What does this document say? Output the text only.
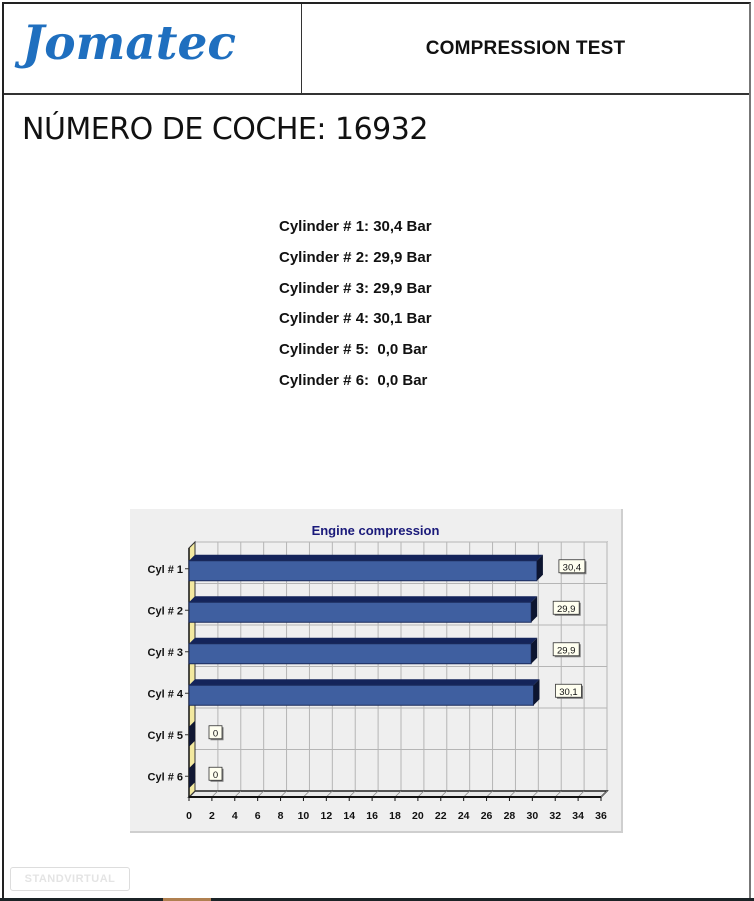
Jomatec	COMPRESSION TEST
NÚMERO DE COCHE: 16932
Cylinder # 1: 30,4 Bar
Cylinder # 2: 29,9 Bar
Cylinder # 3: 29,9 Bar
Cylinder # 4: 30,1 Bar
Cylinder # 5:  0,0 Bar
Cylinder # 6:  0,0 Bar
Engine compression
30,4
Cyl # 1
29,9
Cyl # 2
29,9
Cyl # 3
30,1
Cyl # 4
0
Cyl # 5
0
Cyl # 6
0 2 4 6 8 10 12 14 16 18 20 22 24 26 28 30 32 34 36
STANDVIRTUAL
